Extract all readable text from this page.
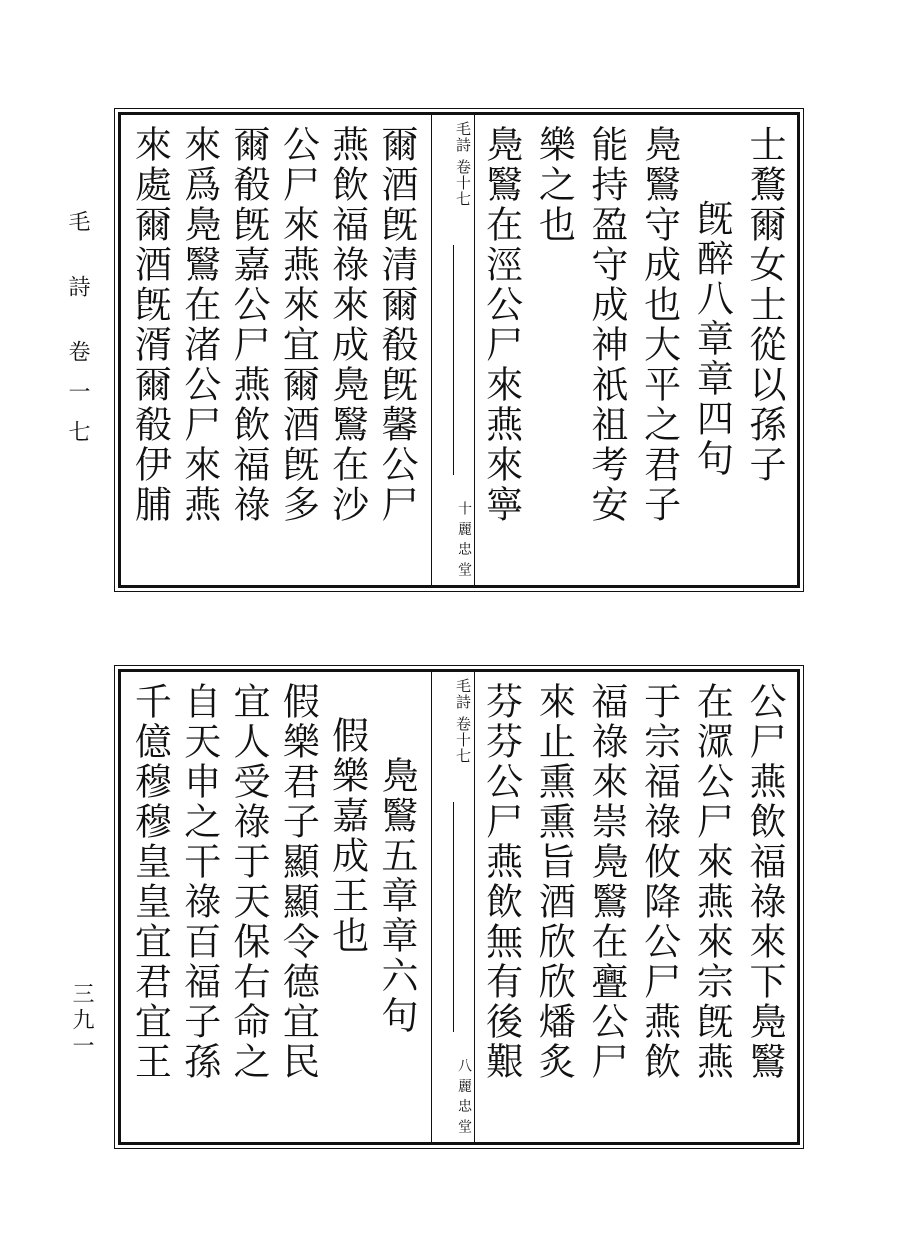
毛 詩 卷一七
三九一
士鶩爾女士從以孫子
旣醉八章章四句
鳧鷖守成也大平之君子
能持盈守成神祇祖考安
樂之也
鳧鷖在涇公尸來燕來寧
毛詩 卷十七
十 麗 忠 堂
爾酒旣清爾殽旣馨公尸
燕飲福祿來成鳧鷖在沙
公尸來燕來宜爾酒旣多
爾殽旣嘉公尸燕飲福祿
來爲鳧鷖在渚公尸來燕
來處爾酒旣湑爾殽伊脯
公尸燕飲福祿來下鳧鷖
在潀公尸來燕來宗旣燕
于宗福祿攸降公尸燕飲
福祿來崇鳧鷖在亹公尸
來止熏熏旨酒欣欣燔炙
芬芬公尸燕飲無有後艱
毛詩 卷十七
八 麗 忠 堂
鳧鷖五章章六句
假樂嘉成王也
假樂君子顯顯令德宜民
宜人受祿于天保右命之
自天申之干祿百福子孫
千億穆穆皇皇宜君宜王
